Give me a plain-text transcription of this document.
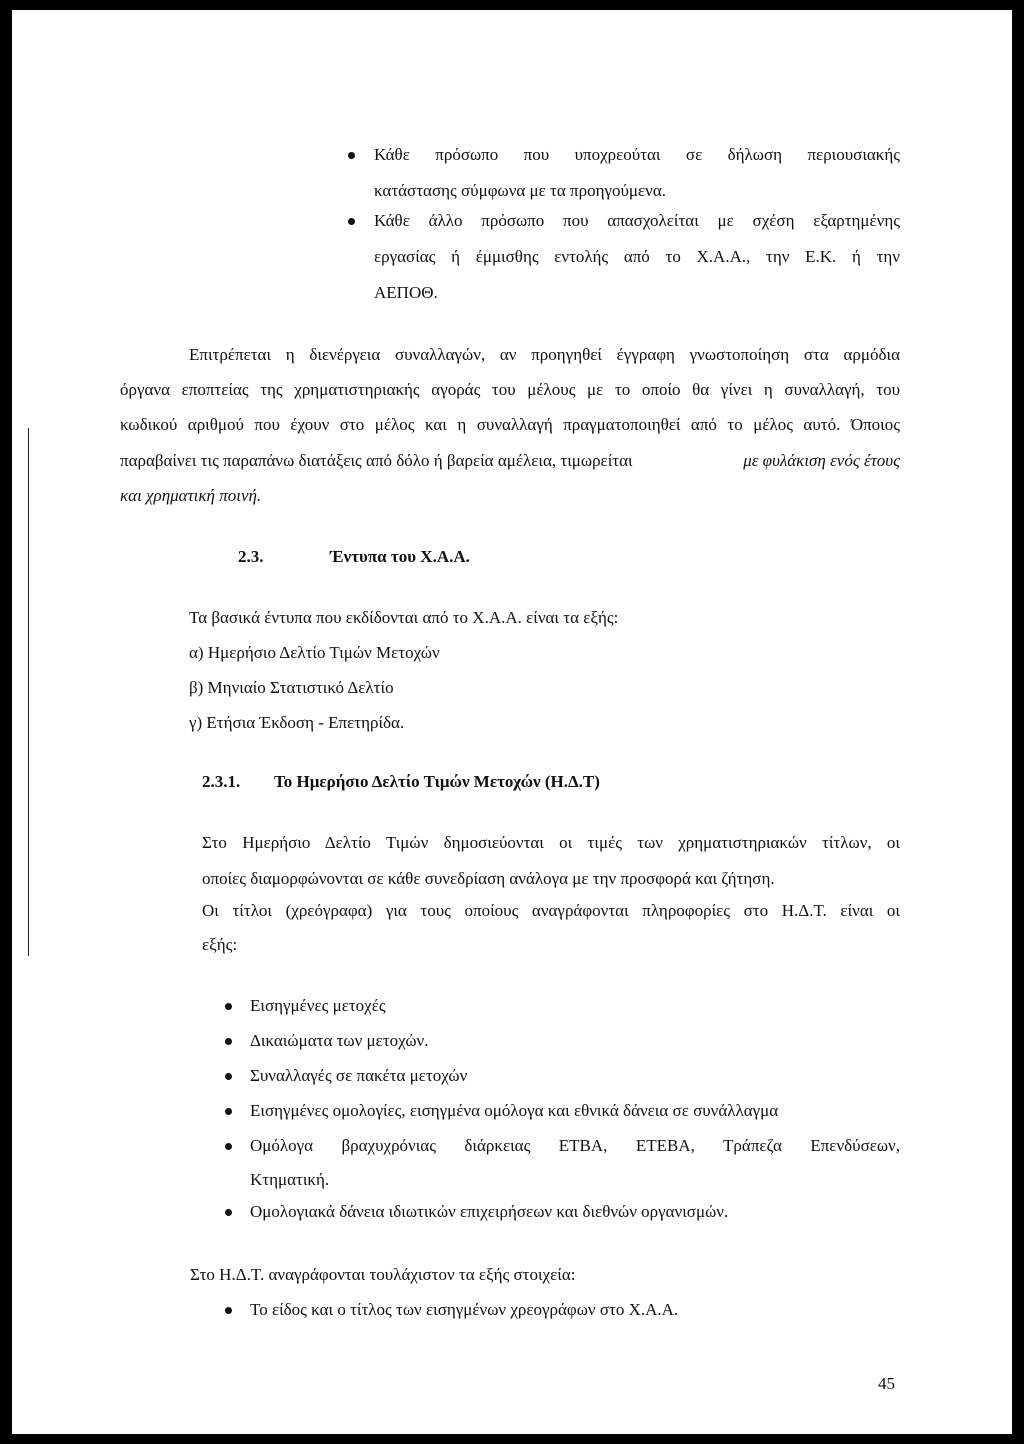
Κάθε πρόσωπο που υποχρεούται σε δήλωση περιουσιακής
κατάστασης σύμφωνα με τα προηγούμενα.
Κάθε άλλο πρόσωπο που απασχολείται με σχέση εξαρτημένης
εργασίας ή έμμισθης εντολής από το Χ.Α.Α., την Ε.Κ. ή την
ΑΕΠΟΘ.
Επιτρέπεται η διενέργεια συναλλαγών, αν προηγηθεί έγγραφη γνωστοποίηση στα αρμόδια
όργανα εποπτείας της χρηματιστηριακής αγοράς του μέλους με το οποίο θα γίνει η συναλλαγή, του
κωδικού αριθμού που έχουν στο μέλος και η συναλλαγή πραγματοποιηθεί από το μέλος αυτό. Όποιος
παραβαίνει τις παραπάνω διατάξεις από δόλο ή βαρεία αμέλεια, τιμωρείται	με φυλάκιση ενός έτους
και χρηματική ποινή.
2.3.	Έντυπα του Χ.Α.Α.
Τα βασικά έντυπα που εκδίδονται από το Χ.Α.Α. είναι τα εξής:
α) Ημερήσιο Δελτίο Τιμών Μετοχών
β) Μηνιαίο Στατιστικό Δελτίο
γ) Ετήσια Έκδοση - Επετηρίδα.
2.3.1. Το Ημερήσιο Δελτίο Τιμών Μετοχών (Η.Δ.Τ)
Στο Ημερήσιο Δελτίο Τιμών δημοσιεύονται οι τιμές των χρηματιστηριακών τίτλων, οι
οποίες διαμορφώνονται σε κάθε συνεδρίαση ανάλογα με την προσφορά και ζήτηση.
Οι τίτλοι (χρεόγραφα) για τους οποίους αναγράφονται πληροφορίες στο Η.Δ.Τ. είναι οι
εξής:
Εισηγμένες μετοχές
Δικαιώματα των μετοχών.
Συναλλαγές σε πακέτα μετοχών
Εισηγμένες ομολογίες, εισηγμένα ομόλογα και εθνικά δάνεια σε συνάλλαγμα
Ομόλογα βραχυχρόνιας διάρκειας ΕΤΒΑ, ΕΤΕΒΑ, Τράπεζα Επενδύσεων,
Κτηματική.
Ομολογιακά δάνεια ιδιωτικών επιχειρήσεων και διεθνών οργανισμών.
Στο Η.Δ.Τ. αναγράφονται τουλάχιστον τα εξής στοιχεία:
Το είδος και ο τίτλος των εισηγμένων χρεογράφων στο Χ.Α.Α.
45
